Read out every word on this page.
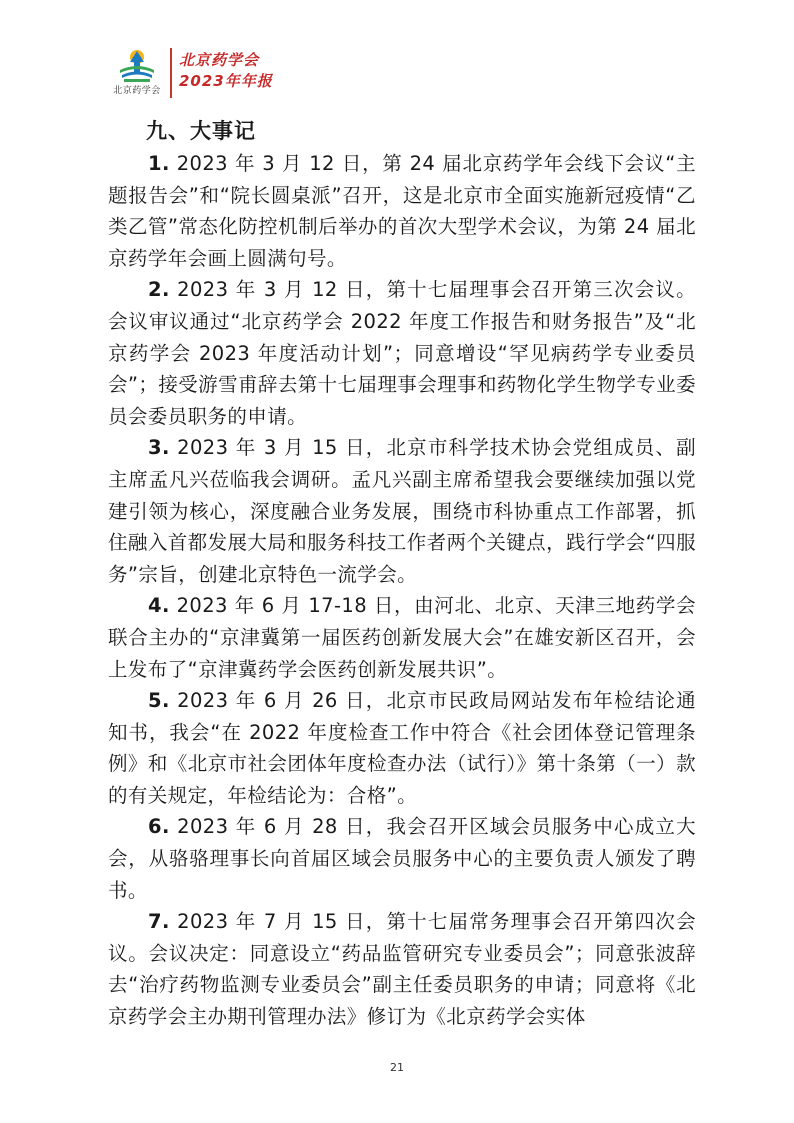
北京药学会
北京药学会
2023年年报
九、大事记

1. 2023 年 3 月 12 日，第 24 届北京药学年会线下会议“主题报告会”和“院长圆桌派”召开，这是北京市全面实施新冠疫情“乙类乙管”常态化防控机制后举办的首次大型学术会议，为第 24 届北京药学年会画上圆满句号。

2. 2023 年 3 月 12 日，第十七届理事会召开第三次会议。会议审议通过“北京药学会 2022 年度工作报告和财务报告”及“北京药学会 2023 年度活动计划”；同意增设“罕见病药学专业委员会”；接受游雪甫辞去第十七届理事会理事和药物化学生物学专业委员会委员职务的申请。

3. 2023 年 3 月 15 日，北京市科学技术协会党组成员、副主席孟凡兴莅临我会调研。孟凡兴副主席希望我会要继续加强以党建引领为核心，深度融合业务发展，围绕市科协重点工作部署，抓住融入首都发展大局和服务科技工作者两个关键点，践行学会“四服务”宗旨，创建北京特色一流学会。

4. 2023 年 6 月 17-18 日，由河北、北京、天津三地药学会联合主办的“京津冀第一届医药创新发展大会”在雄安新区召开，会上发布了“京津冀药学会医药创新发展共识”。

5. 2023 年 6 月 26 日，北京市民政局网站发布年检结论通知书，我会“在 2022 年度检查工作中符合《社会团体登记管理条例》和《北京市社会团体年度检查办法（试行）》第十条第（一）款的有关规定，年检结论为：合格”。

6. 2023 年 6 月 28 日，我会召开区域会员服务中心成立大会，从骆骆理事长向首届区域会员服务中心的主要负责人颁发了聘书。

7. 2023 年 7 月 15 日，第十七届常务理事会召开第四次会议。会议决定：同意设立“药品监管研究专业委员会”；同意张波辞去“治疗药物监测专业委员会”副主任委员职务的申请；同意将《北京药学会主办期刊管理办法》修订为《北京药学会实体

21
